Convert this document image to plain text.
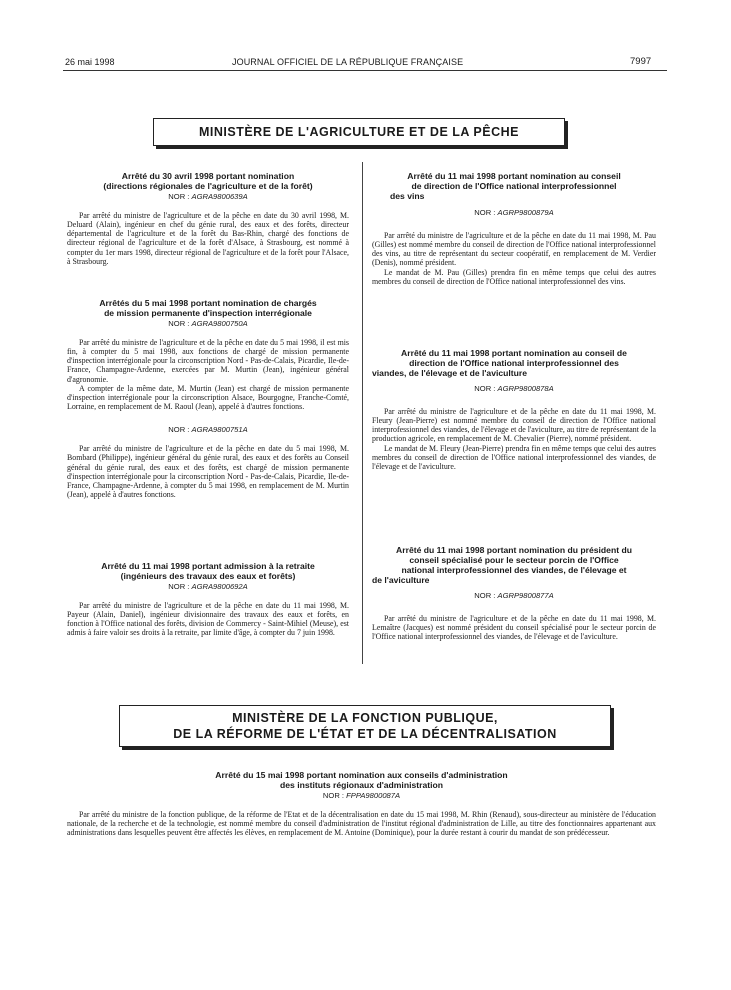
26 mai 1998	JOURNAL OFFICIEL DE LA RÉPUBLIQUE FRANÇAISE	7997
MINISTÈRE DE L'AGRICULTURE ET DE LA PÊCHE

Arrêté du 30 avril 1998 portant nomination

(directions régionales de l'agriculture et de la forêt)

NOR : AGRA9800639A

Par arrêté du ministre de l'agriculture et de la pêche en date du 30 avril 1998, M. Deluard (Alain), ingénieur en chef du génie rural, des eaux et des forêts, directeur départemental de l'agriculture et de la forêt du Bas-Rhin, chargé des fonctions de directeur régional de l'agriculture et de la forêt d'Alsace, à Strasbourg, est nommé à compter du 1er mars 1998, directeur régional de l'agriculture et de la forêt pour l'Alsace, à Strasbourg.

Arrêtés du 5 mai 1998 portant nomination de chargés

de mission permanente d'inspection interrégionale

NOR : AGRA9800750A

Par arrêté du ministre de l'agriculture et de la pêche en date du 5 mai 1998, il est mis fin, à compter du 5 mai 1998, aux fonctions de chargé de mission permanente d'inspection interrégionale pour la circonscription Nord - Pas-de-Calais, Picardie, Ile-de-France, Champagne-Ardenne, exercées par M. Murtin (Jean), ingénieur général d'agronomie.

A compter de la même date, M. Murtin (Jean) est chargé de mission permanente d'inspection interrégionale pour la circonscription Alsace, Bourgogne, Franche-Comté, Lorraine, en remplacement de M. Raoul (Jean), appelé à d'autres fonctions.

NOR : AGRA9800751A

Par arrêté du ministre de l'agriculture et de la pêche en date du 5 mai 1998, M. Bombard (Philippe), ingénieur général du génie rural, des eaux et des forêts au Conseil général du génie rural, des eaux et des forêts, est chargé de mission permanente d'inspection interrégionale pour la circonscription Nord - Pas-de-Calais, Picardie, Ile-de-France, Champagne-Ardenne, à compter du 5 mai 1998, en remplacement de M. Murtin (Jean), appelé à d'autres fonctions.

Arrêté du 11 mai 1998 portant admission à la retraite

(ingénieurs des travaux des eaux et forêts)

NOR : AGRA9800692A

Par arrêté du ministre de l'agriculture et de la pêche en date du 11 mai 1998, M. Payeur (Alain, Daniel), ingénieur divisionnaire des travaux des eaux et forêts, en fonction à l'Office national des forêts, division de Commercy - Saint-Mihiel (Meuse), est admis à faire valoir ses droits à la retraite, par limite d'âge, à compter du 7 juin 1998.

Arrêté du 11 mai 1998 portant nomination au conseil

de direction de l'Office national interprofessionnel

des vins

NOR : AGRP9800879A

Par arrêté du ministre de l'agriculture et de la pêche en date du 11 mai 1998, M. Pau (Gilles) est nommé membre du conseil de direction de l'Office national interprofessionnel des vins, au titre de représentant du secteur coopératif, en remplacement de M. Verdier (Denis), nommé président.

Le mandat de M. Pau (Gilles) prendra fin en même temps que celui des autres membres du conseil de direction de l'Office national interprofessionnel des vins.

Arrêté du 11 mai 1998 portant nomination au conseil de

direction de l'Office national interprofessionnel des

viandes, de l'élevage et de l'aviculture

NOR : AGRP9800878A

Par arrêté du ministre de l'agriculture et de la pêche en date du 11 mai 1998, M. Fleury (Jean-Pierre) est nommé membre du conseil de direction de l'Office national interprofessionnel des viandes, de l'élevage et de l'aviculture, au titre de représentant de la production agricole, en remplacement de M. Chevalier (Pierre), nommé président.

Le mandat de M. Fleury (Jean-Pierre) prendra fin en même temps que celui des autres membres du conseil de direction de l'Office national interprofessionnel des viandes, de l'élevage et de l'aviculture.

Arrêté du 11 mai 1998 portant nomination du président du

conseil spécialisé pour le secteur porcin de l'Office

national interprofessionnel des viandes, de l'élevage et

de l'aviculture

NOR : AGRP9800877A

Par arrêté du ministre de l'agriculture et de la pêche en date du 11 mai 1998, M. Lemaître (Jacques) est nommé président du conseil spécialisé pour le secteur porcin de l'Office national interprofessionnel des viandes, de l'élevage et de l'aviculture.

MINISTÈRE DE LA FONCTION PUBLIQUE,
DE LA RÉFORME DE L'ÉTAT ET DE LA DÉCENTRALISATION

Arrêté du 15 mai 1998 portant nomination aux conseils d'administration

des instituts régionaux d'administration

NOR : FPPA9800087A

Par arrêté du ministre de la fonction publique, de la réforme de l'Etat et de la décentralisation en date du 15 mai 1998, M. Rhin (Renaud), sous-directeur au ministère de l'éducation nationale, de la recherche et de la technologie, est nommé membre du conseil d'administration de l'institut régional d'administration de Lille, au titre des fonctionnaires appartenant aux administrations dans lesquelles peuvent être affectés les élèves, en remplacement de M. Antoine (Dominique), pour la durée restant à courir du mandat de son prédécesseur.
